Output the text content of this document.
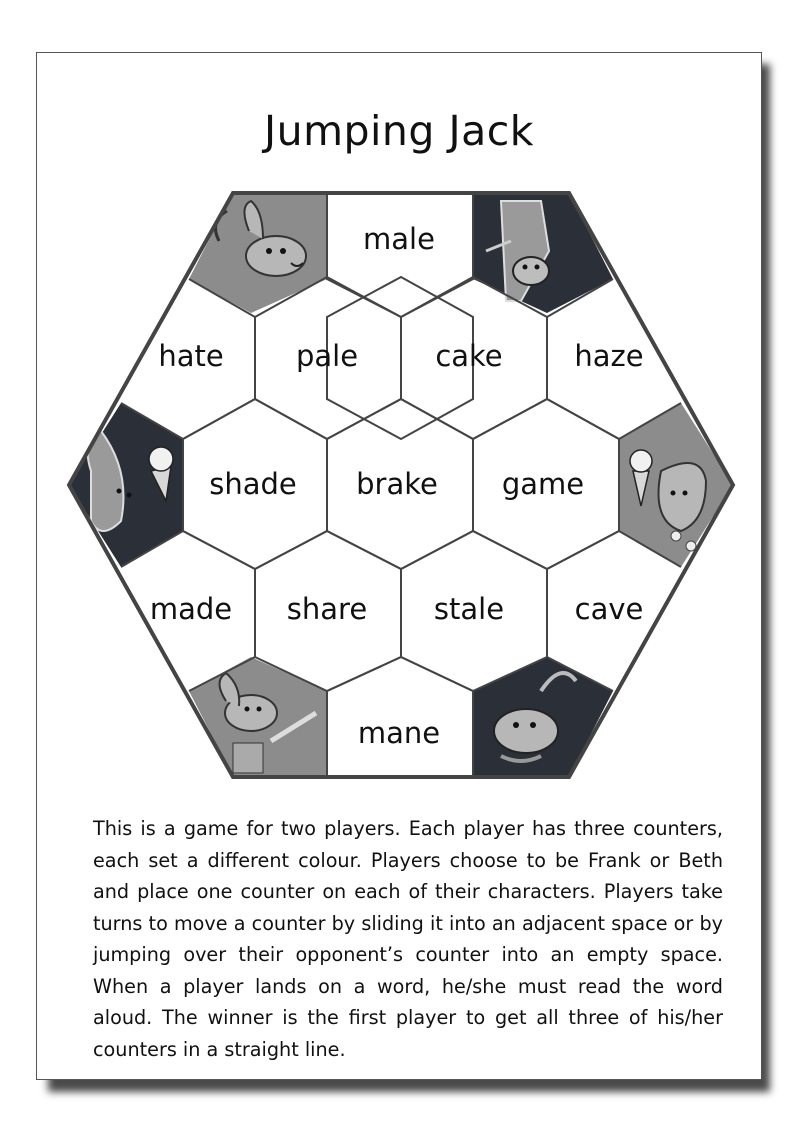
Jumping Jack
male
hate pale	cake haze
shade brake game
made share stale cave
mane
This is a game for two players. Each player has three counters, each set a different colour. Players choose to be Frank or Beth and place one counter on each of their characters. Players take turns to move a counter by sliding it into an adjacent space or by jumping over their opponent’s counter into an empty space. When a player lands on a word, he/she must read the word aloud. The winner is the first player to get all three of his/her counters in a straight line.
